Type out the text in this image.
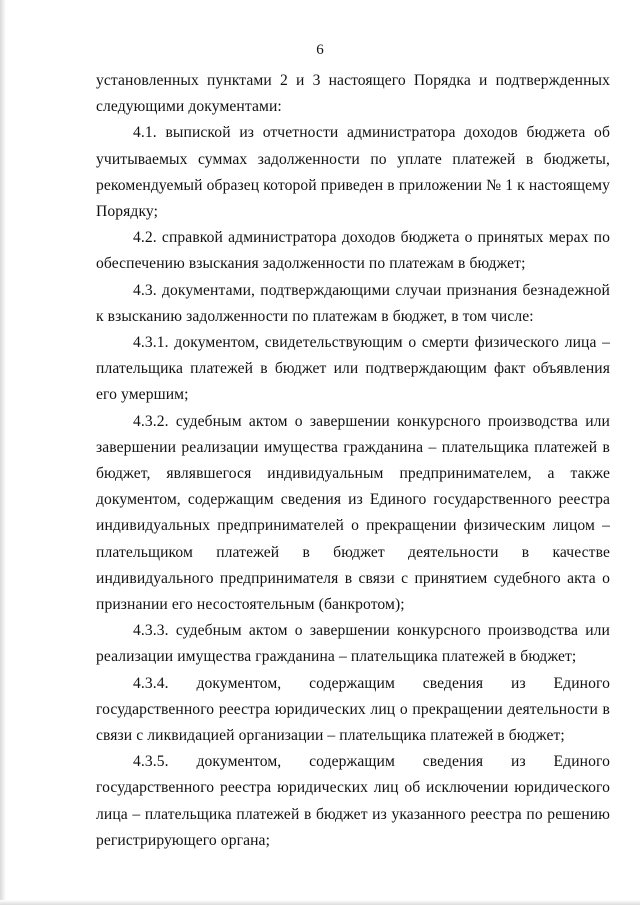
6

установленных пунктами 2 и 3 настоящего Порядка и подтвержденных следующими документами:

4.1. выпиской из отчетности администратора доходов бюджета об учитываемых суммах задолженности по уплате платежей в бюджеты, рекомендуемый образец которой приведен в приложении № 1 к настоящему Порядку;

4.2. справкой администратора доходов бюджета о принятых мерах по обеспечению взыскания задолженности по платежам в бюджет;

4.3. документами, подтверждающими случаи признания безнадежной к взысканию задолженности по платежам в бюджет, в том числе:

4.3.1. документом, свидетельствующим о смерти физического лица – плательщика платежей в бюджет или подтверждающим факт объявления его умершим;

4.3.2. судебным актом о завершении конкурсного производства или завершении реализации имущества гражданина – плательщика платежей в бюджет, являвшегося индивидуальным предпринимателем, а также документом, содержащим сведения из Единого государственного реестра индивидуальных предпринимателей о прекращении физическим лицом – плательщиком платежей в бюджет деятельности в качестве индивидуального предпринимателя в связи с принятием судебного акта о признании его несостоятельным (банкротом);

4.3.3. судебным актом о завершении конкурсного производства или реализации имущества гражданина – плательщика платежей в бюджет;

4.3.4. документом, содержащим сведения из Единого государственного реестра юридических лиц о прекращении деятельности в связи с ликвидацией организации – плательщика платежей в бюджет;

4.3.5. документом, содержащим сведения из Единого государственного реестра юридических лиц об исключении юридического лица – плательщика платежей в бюджет из указанного реестра по решению регистрирующего органа;
